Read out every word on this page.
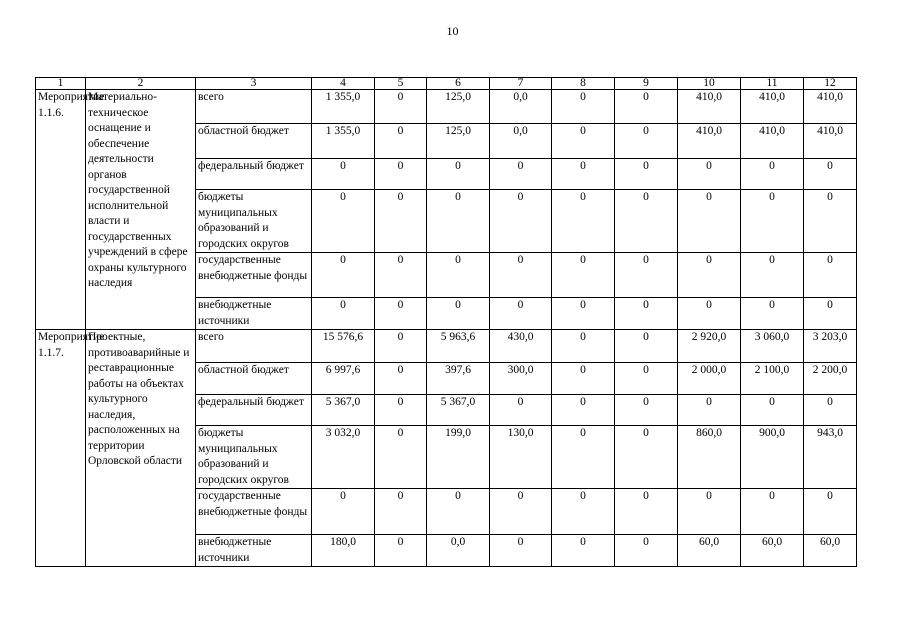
10
1	2	3	4	5	6	7	8	9	10	11	12
Мероприятие 1.1.6.	Материально-техническое оснащение и обеспечение деятельности органов государственной исполнительной власти и государственных учреждений в сфере охраны культурного наследия	всего	1 355,0	0	125,0	0,0	0	0	410,0	410,0	410,0
		областной бюджет	1 355,0	0	125,0	0,0	0	0	410,0	410,0	410,0
		федеральный бюджет	0	0	0	0	0	0	0	0	0
		бюджеты муниципальных образований и городских округов	0	0	0	0	0	0	0	0	0
		государственные внебюджетные фонды	0	0	0	0	0	0	0	0	0
		внебюджетные источники	0	0	0	0	0	0	0	0	0
Мероприятие 1.1.7.	Проектные, противоаварийные и реставрационные работы на объектах культурного наследия, расположенных на территории Орловской области	всего	15 576,6	0	5 963,6	430,0	0	0	2 920,0	3 060,0	3 203,0
		областной бюджет	6 997,6	0	397,6	300,0	0	0	2 000,0	2 100,0	2 200,0
		федеральный бюджет	5 367,0	0	5 367,0	0	0	0	0	0	0
		бюджеты муниципальных образований и городских округов	3 032,0	0	199,0	130,0	0	0	860,0	900,0	943,0
		государственные внебюджетные фонды	0	0	0	0	0	0	0	0	0
		внебюджетные источники	180,0	0	0,0	0	0	0	60,0	60,0	60,0
